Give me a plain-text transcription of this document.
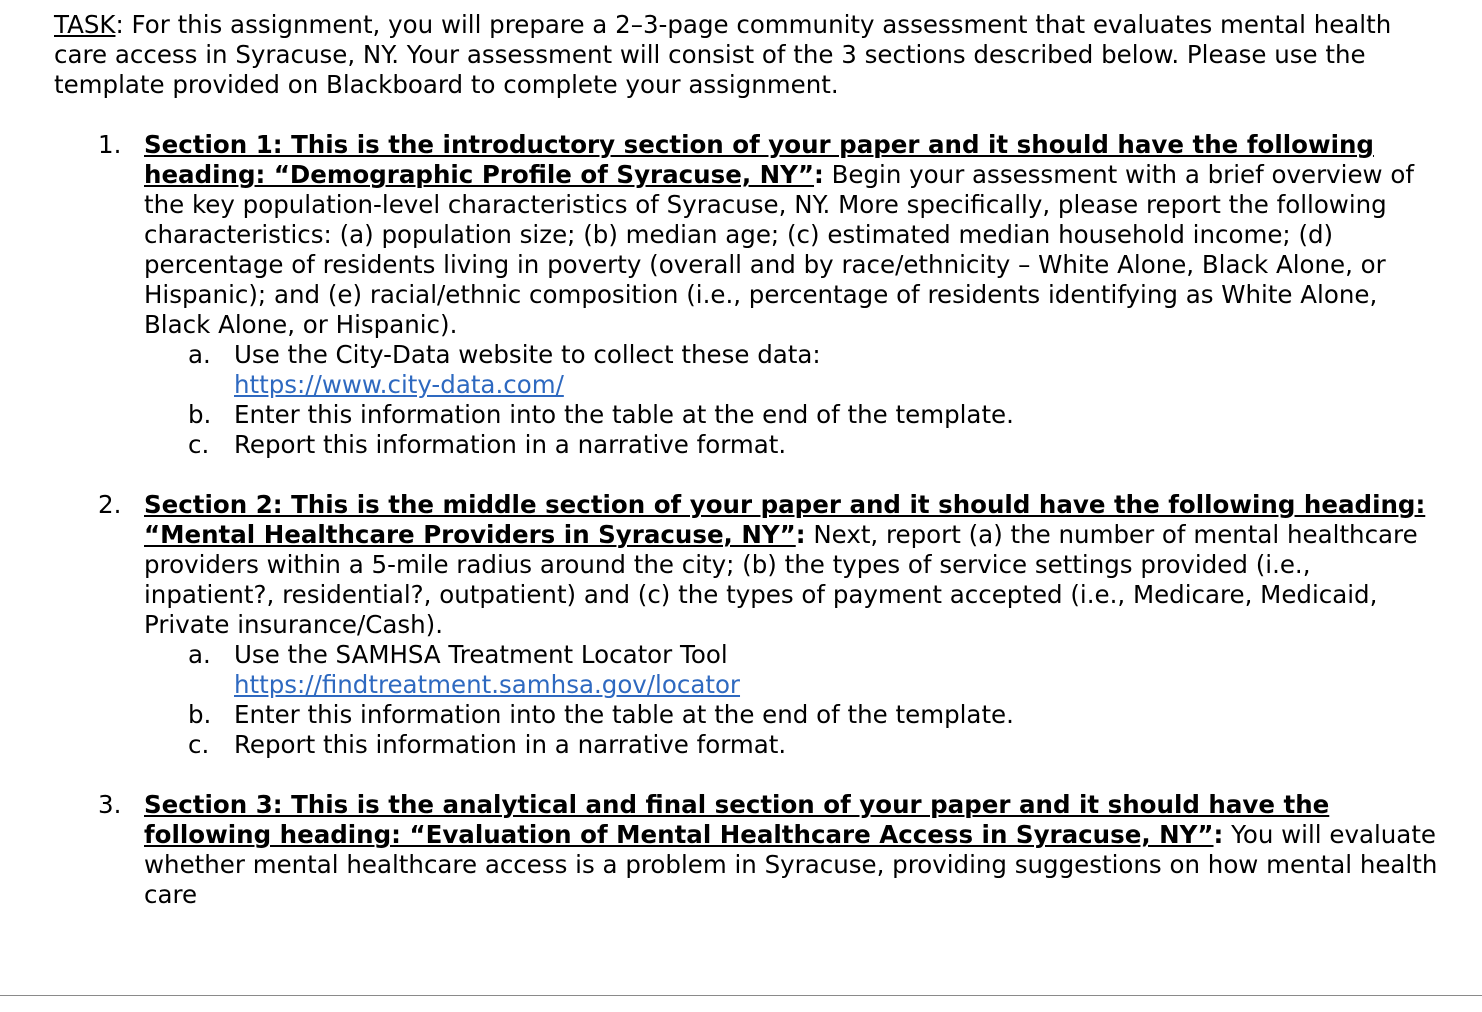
TASK: For this assignment, you will prepare a 2–3-page community assessment that evaluates mental health care access in Syracuse, NY. Your assessment will consist of the 3 sections described below. Please use the template provided on Blackboard to complete your assignment.

1. Section 1: This is the introductory section of your paper and it should have the following heading: “Demographic Profile of Syracuse, NY”: Begin your assessment with a brief overview of the key population-level characteristics of Syracuse, NY. More specifically, please report the following characteristics: (a) population size; (b) median age; (c) estimated median household income; (d) percentage of residents living in poverty (overall and by race/ethnicity – White Alone, Black Alone, or Hispanic); and (e) racial/ethnic composition (i.e., percentage of residents identifying as White Alone, Black Alone, or Hispanic).
a. Use the City-Data website to collect these data:
https://www.city-data.com/
b. Enter this information into the table at the end of the template.
c. Report this information in a narrative format.
2. Section 2: This is the middle section of your paper and it should have the following heading: “Mental Healthcare Providers in Syracuse, NY”: Next, report (a) the number of mental healthcare providers within a 5-mile radius around the city; (b) the types of service settings provided (i.e., inpatient?, residential?, outpatient) and (c) the types of payment accepted (i.e., Medicare, Medicaid, Private insurance/Cash).
a. Use the SAMHSA Treatment Locator Tool
https://findtreatment.samhsa.gov/locator
b. Enter this information into the table at the end of the template.
c. Report this information in a narrative format.
3. Section 3: This is the analytical and final section of your paper and it should have the following heading: “Evaluation of Mental Healthcare Access in Syracuse, NY”: You will evaluate whether mental healthcare access is a problem in Syracuse, providing suggestions on how mental health care
